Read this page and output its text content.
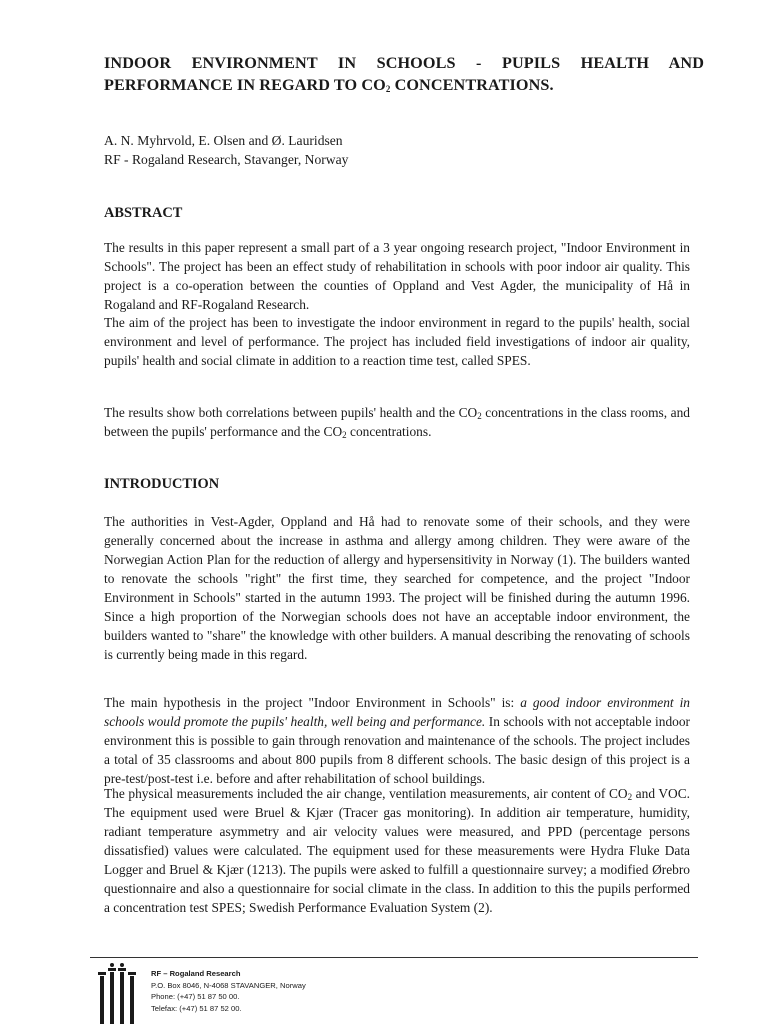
INDOOR ENVIRONMENT IN SCHOOLS - PUPILS HEALTH AND PERFORMANCE IN REGARD TO $CO_2$ CONCENTRATIONS.
A. N. Myhrvold, E. Olsen and Ø. Lauridsen
RF - Rogaland Research, Stavanger, Norway
ABSTRACT

The results in this paper represent a small part of a 3 year ongoing research project, "Indoor Environment in Schools". The project has been an effect study of rehabilitation in schools with poor indoor air quality. This project is a co-operation between the counties of Oppland and Vest Agder, the municipality of Hå in Rogaland and RF-Rogaland Research.

The aim of the project has been to investigate the indoor environment in regard to the pupils' health, social environment and level of performance. The project has included field investigations of indoor air quality, pupils' health and social climate in addition to a reaction time test, called SPES.

The results show both correlations between pupils' health and the $CO_2$ concentrations in the class rooms, and between the pupils' performance and the $CO_2$ concentrations.

INTRODUCTION

The authorities in Vest-Agder, Oppland and Hå had to renovate some of their schools, and they were generally concerned about the increase in asthma and allergy among children. They were aware of the Norwegian Action Plan for the reduction of allergy and hypersensitivity in Norway (1). The builders wanted to renovate the schools "right" the first time, they searched for competence, and the project "Indoor Environment in Schools" started in the autumn 1993. The project will be finished during the autumn 1996. Since a high proportion of the Norwegian schools does not have an acceptable indoor environment, the builders wanted to "share" the knowledge with other builders. A manual describing the renovating of schools is currently being made in this regard.

The main hypothesis in the project "Indoor Environment in Schools" is: a good indoor environment in schools would promote the pupils' health, well being and performance. In schools with not acceptable indoor environment this is possible to gain through renovation and maintenance of the schools. The project includes a total of 35 classrooms and about 800 pupils from 8 different schools. The basic design of this project is a pre-test/post-test i.e. before and after rehabilitation of school buildings.

The physical measurements included the air change, ventilation measurements, air content of $CO_2$ and VOC. The equipment used were Bruel & Kjær (Tracer gas monitoring). In addition air temperature, humidity, radiant temperature asymmetry and air velocity values were measured, and PPD (percentage persons dissatisfied) values were calculated. The equipment used for these measurements were Hydra Fluke Data Logger and Bruel & Kjær (1213). The pupils were asked to fulfill a questionnaire survey; a modified Ørebro questionnaire and also a questionnaire for social climate in the class. In addition to this the pupils performed a concentration test SPES; Swedish Performance Evaluation System (2).

RF – Rogaland Research
P.O. Box 8046, N-4068 STAVANGER, Norway
Phone: (+47) 51 87 50 00.
Telefax: (+47) 51 87 52 00.
